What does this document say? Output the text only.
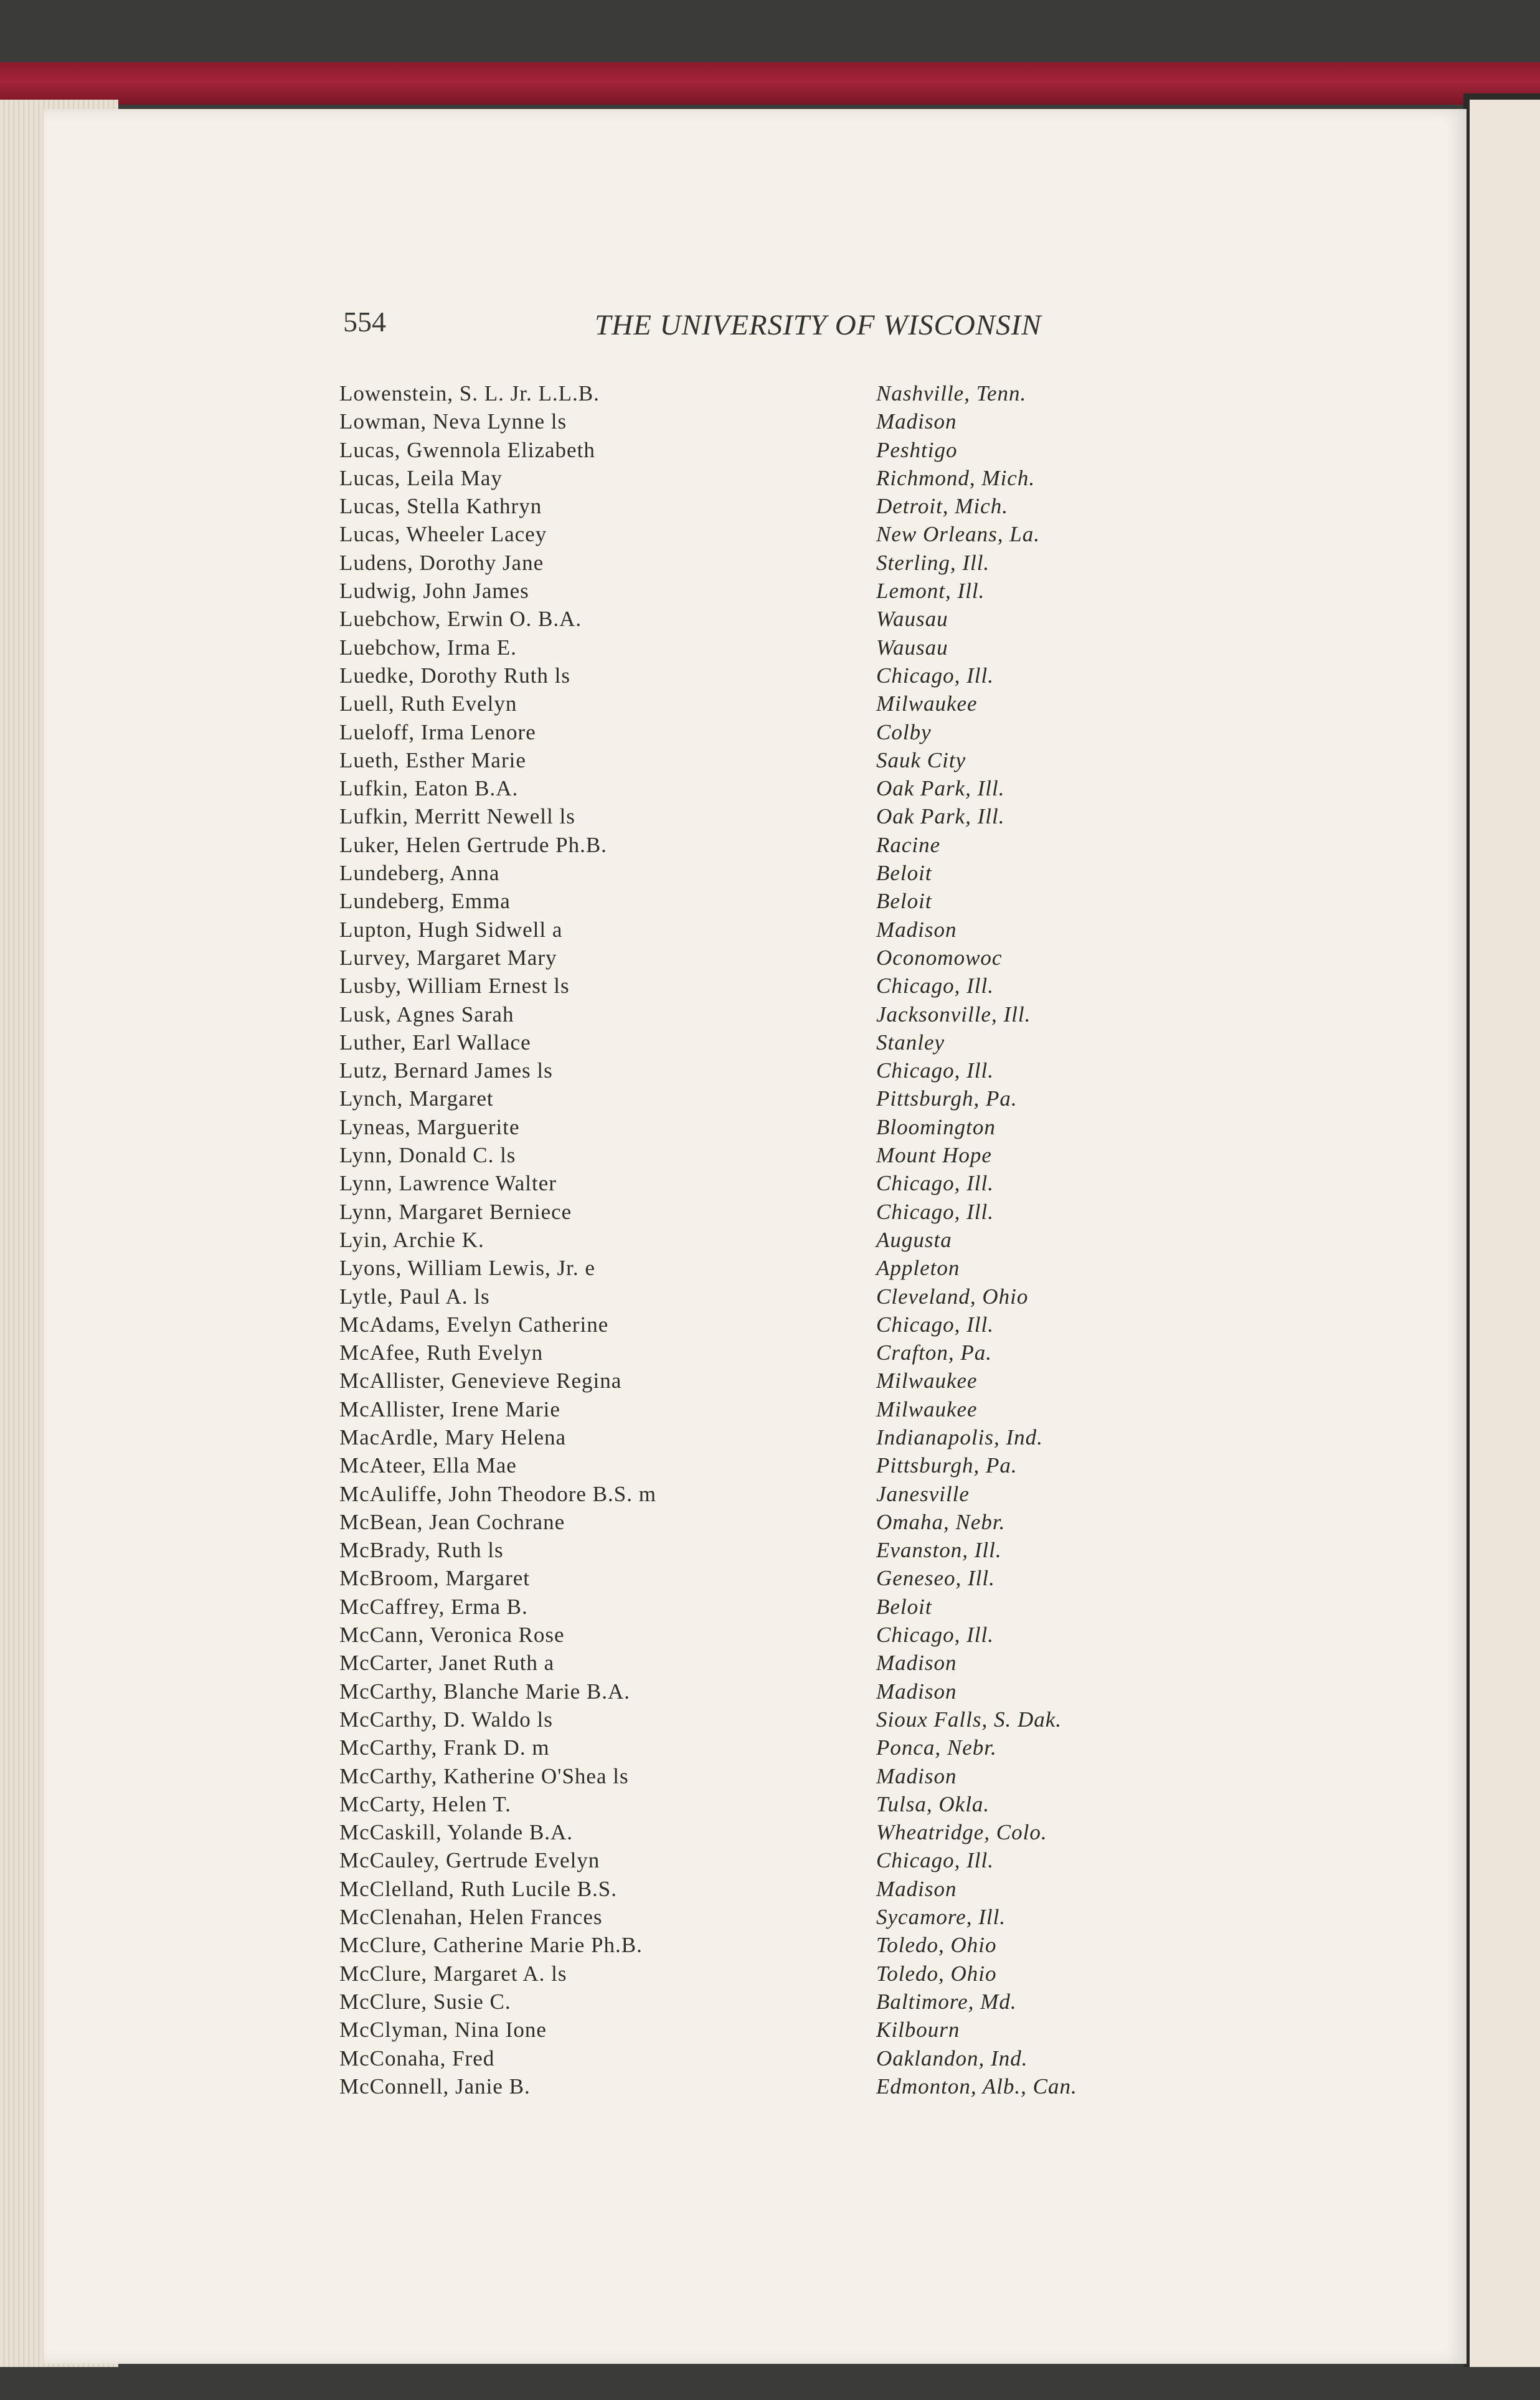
554	THE UNIVERSITY OF WISCONSIN
Lowenstein, S. L. Jr. L.L.B.	Nashville, Tenn.
Lowman, Neva Lynne ls	Madison
Lucas, Gwennola Elizabeth	Peshtigo
Lucas, Leila May	Richmond, Mich.
Lucas, Stella Kathryn	Detroit, Mich.
Lucas, Wheeler Lacey	New Orleans, La.
Ludens, Dorothy Jane	Sterling, Ill.
Ludwig, John James	Lemont, Ill.
Luebchow, Erwin O. B.A.	Wausau
Luebchow, Irma E.	Wausau
Luedke, Dorothy Ruth ls	Chicago, Ill.
Luell, Ruth Evelyn	Milwaukee
Lueloff, Irma Lenore	Colby
Lueth, Esther Marie	Sauk City
Lufkin, Eaton B.A.	Oak Park, Ill.
Lufkin, Merritt Newell ls	Oak Park, Ill.
Luker, Helen Gertrude Ph.B.	Racine
Lundeberg, Anna	Beloit
Lundeberg, Emma	Beloit
Lupton, Hugh Sidwell a	Madison
Lurvey, Margaret Mary	Oconomowoc
Lusby, William Ernest ls	Chicago, Ill.
Lusk, Agnes Sarah	Jacksonville, Ill.
Luther, Earl Wallace	Stanley
Lutz, Bernard James ls	Chicago, Ill.
Lynch, Margaret	Pittsburgh, Pa.
Lyneas, Marguerite	Bloomington
Lynn, Donald C. ls	Mount Hope
Lynn, Lawrence Walter	Chicago, Ill.
Lynn, Margaret Berniece	Chicago, Ill.
Lyin, Archie K.	Augusta
Lyons, William Lewis, Jr. e	Appleton
Lytle, Paul A. ls	Cleveland, Ohio
McAdams, Evelyn Catherine	Chicago, Ill.
McAfee, Ruth Evelyn	Crafton, Pa.
McAllister, Genevieve Regina	Milwaukee
McAllister, Irene Marie	Milwaukee
MacArdle, Mary Helena	Indianapolis, Ind.
McAteer, Ella Mae	Pittsburgh, Pa.
McAuliffe, John Theodore B.S. m	Janesville
McBean, Jean Cochrane	Omaha, Nebr.
McBrady, Ruth ls	Evanston, Ill.
McBroom, Margaret	Geneseo, Ill.
McCaffrey, Erma B.	Beloit
McCann, Veronica Rose	Chicago, Ill.
McCarter, Janet Ruth a	Madison
McCarthy, Blanche Marie B.A.	Madison
McCarthy, D. Waldo ls	Sioux Falls, S. Dak.
McCarthy, Frank D. m	Ponca, Nebr.
McCarthy, Katherine O'Shea ls	Madison
McCarty, Helen T.	Tulsa, Okla.
McCaskill, Yolande B.A.	Wheatridge, Colo.
McCauley, Gertrude Evelyn	Chicago, Ill.
McClelland, Ruth Lucile B.S.	Madison
McClenahan, Helen Frances	Sycamore, Ill.
McClure, Catherine Marie Ph.B.	Toledo, Ohio
McClure, Margaret A. ls	Toledo, Ohio
McClure, Susie C.	Baltimore, Md.
McClyman, Nina Ione	Kilbourn
McConaha, Fred	Oaklandon, Ind.
McConnell, Janie B.	Edmonton, Alb., Can.
